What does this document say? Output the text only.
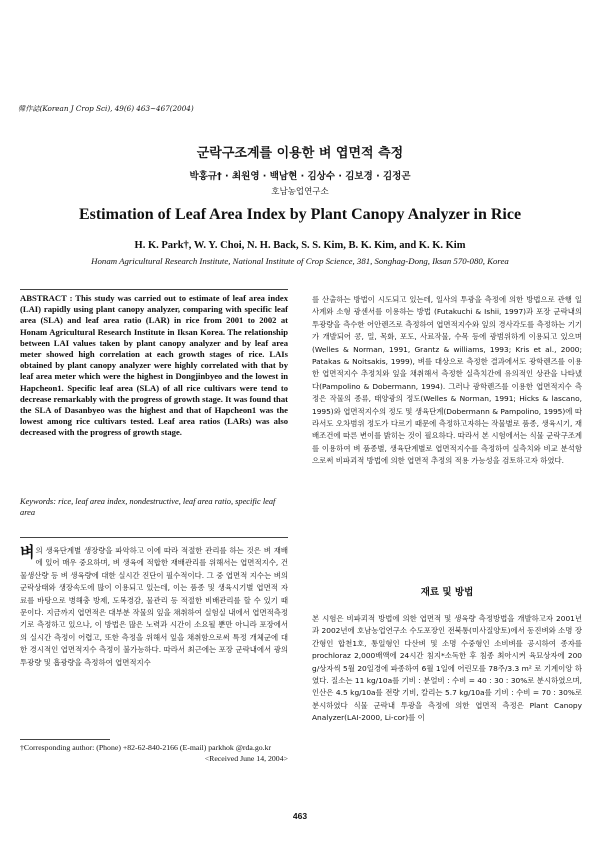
韓作誌(Korean J Crop Sci), 49(6) 463~467(2004)
군락구조계를 이용한 벼 엽면적 측정
박홍규† · 최원영 · 백남현 · 김상수 · 김보경 · 김정곤
호남농업연구소
Estimation of Leaf Area Index by Plant Canopy Analyzer in Rice
H. K. Park†, W. Y. Choi, N. H. Back, S. S. Kim, B. K. Kim, and K. K. Kim
Honam Agricultural Research Institute, National Institute of Crop Science, 381, Songhag-Dong, Iksan 570-080, Korea
ABSTRACT : This study was carried out to estimate of leaf area index (LAI) rapidly using plant canopy analyzer, comparing with specific leaf area (SLA) and leaf area ratio (LAR) in rice from 2001 to 2002 at Honam Agricultural Research Institute in Iksan Korea. The relationship between LAI values taken by plant canopy analyzer and by leaf area meter showed high correlation at each growth stages of rice. LAIs obtained by plant canopy analyzer were highly correlated with that by leaf area meter which were the highest in Dongjinbyeo and the lowest in Hapcheon1. Specific leaf area (SLA) of all rice cultivars were tend to decrease remarkably with the progress of growth stage. It was found that the SLA of Dasanbyeo was the highest and that of Hapcheon1 was the lowest among rice cultivars tested. Leaf area ratios (LARs) was also decreased with the progress of growth stage.
Keywords: rice, leaf area index, nondestructive, leaf area ratio, specific leaf area
벼의 생육단계별 생장량을 파악하고 이에 따라 적절한 관리를 하는 것은 벼 재배에 있어 매우 중요하며, 벼 생육에 적합한 재배관리를 위해서는 엽면적지수, 건물생산량 등 벼 생육량에 대한 실시간 진단이 필수적이다. 그 중 엽면적 지수는 벼의 군락상태와 생장속도에 많이 이용되고 있는데, 이는 품종 및 생육시기별 엽면적 자료를 바탕으로 병해충 방제, 도복경감, 물관리 등 적절한 비배관리를 할 수 있기 때문이다. 지금까지 엽면적은 대부분 작물의 잎을 채취하여 실험실 내에서 엽면적측정기로 측정하고 있으나, 이 방법은 많은 노력과 시간이 소요될 뿐만 아니라 포장에서의 실시간 측정이 어렵고, 또한 측정을 위해서 잎을 채취함으로써 특정 개체군에 대한 경시적인 엽면적지수 측정이 불가능하다. 따라서 최근에는 포장 군락내에서 광의 투광량 및 흡광량을 측정하여 엽면적지수
†Corresponding author: (Phone) +82-62-840-2166 (E-mail) parkhok @rda.go.kr
<Received June 14, 2004>
를 산출하는 방법이 시도되고 있는데, 일사의 투광을 측정에 의한 방법으로 관행 일사계와 소형 광센서를 이용하는 방법 (Futakuchi & Ishii, 1997)과 포장 군락내의 투광량을 측수한 어안렌즈로 측정하여 엽면적지수와 잎의 경사각도를 측정하는 기기가 개발되어 콩, 밀, 목화, 포도, 사료작물, 수목 등에 광범위하게 이용되고 있으며(Welles & Norman, 1991, Grantz & williams, 1993; Kris et al., 2000; Patakas & Noitsakis, 1999), 벼를 대상으로 측정한 결과에서도 광학렌즈를 이용한 엽면적지수 추정치와 잎을 채취해서 측정한 실측치간에 유의적인 상관을 나타냈다(Pampolino & Dobermann, 1994). 그러나 광학렌즈를 이용한 엽면적지수 측정은 작물의 종류, 태양광의 정도(Welles & Norman, 1991; Hicks & lascano, 1995)와 엽면적지수의 정도 및 생육단계(Dobermann & Pampolino, 1995)에 따라서도 오차범위 정도가 다르기 때문에 측정하고자하는 작물별로 품종, 생육시기, 재배조건에 따른 변이를 밝히는 것이 필요하다. 따라서 본 시험에서는 식물 군락구조계를 이용하여 벼 품종별, 생육단계별로 엽면적지수를 측정하여 실측치와 비교 분석함으로써 비파괴적 방법에 의한 엽면적 추정의 적용 가능성을 검토하고자 하였다.
재료 및 방법
본 시험은 비파괴적 방법에 의한 엽면적 및 생육량 측정방법을 개발하고자 2001년과 2002년에 호남농업연구소 수도포장인 전북통(미사질양토)에서 동진벼와 소명 장간형인 합천1호, 통일형인 다산벼 및 소명 수중형인 소비벼를 공시하여 종자를 prochloraz 2,000배액에 24시간 침지*소독한 후 침종 최아시켜 육묘상자에 200 g/상자씩 5월 20일경에 파종하여 6월 1일에 어린모를 78주/3.3 m² 로 기계이앙 하였다. 질소는 11 kg/10a를 기비 : 분얼비 : 수비 = 40 : 30 : 30%로 분시하였으며, 인산은 4.5 kg/10a를 전량 기비, 칼리는 5.7 kg/10a를 기비 : 수비 = 70 : 30%로 분시하였다 식물 군락내 투광을 측정에 의한 엽면적 측정은 Plant Canopy Analyzer(LAI-2000, Li-cor)를 이
463
